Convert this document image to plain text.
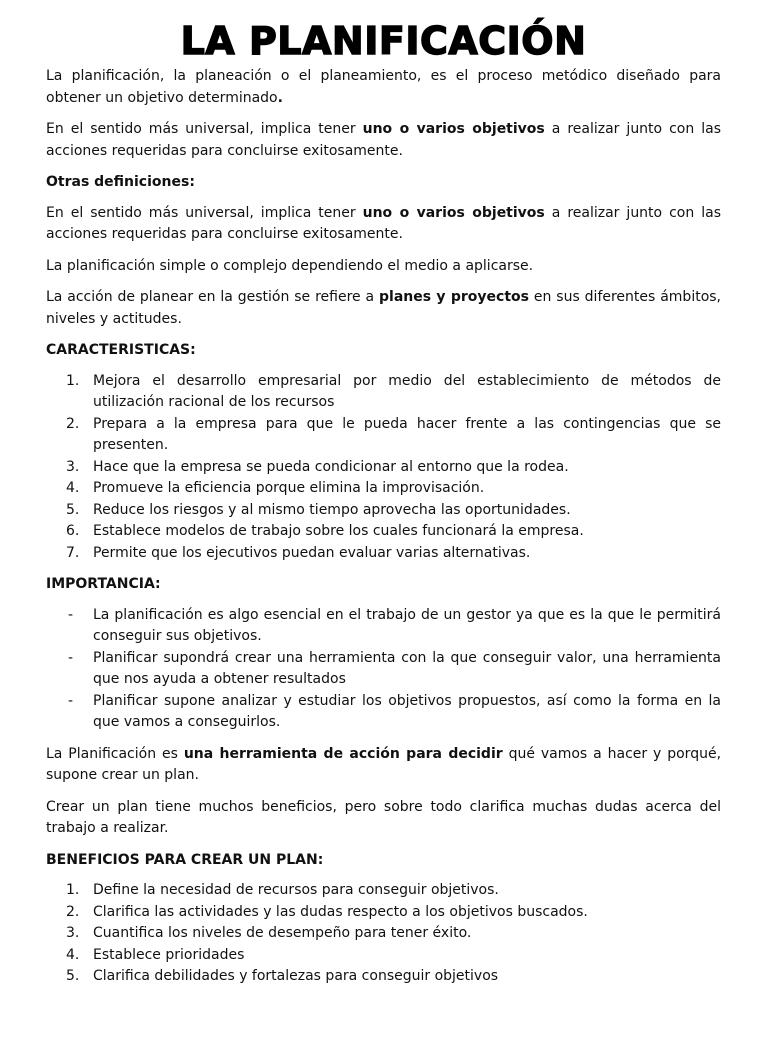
LA PLANIFICACIÓN

La planificación, la planeación o el planeamiento, es el proceso metódico diseñado para obtener un objetivo determinado.

En el sentido más universal, implica tener uno o varios objetivos a realizar junto con las acciones requeridas para concluirse exitosamente.

Otras definiciones:

En el sentido más universal, implica tener uno o varios objetivos a realizar junto con las acciones requeridas para concluirse exitosamente.

La planificación simple o complejo dependiendo el medio a aplicarse.

La acción de planear en la gestión se refiere a planes y proyectos en sus diferentes ámbitos, niveles y actitudes.

CARACTERISTICAS:

1. Mejora el desarrollo empresarial por medio del establecimiento de métodos de utilización racional de los recursos
2. Prepara a la empresa para que le pueda hacer frente a las contingencias que se presenten.
3. Hace que la empresa se pueda condicionar al entorno que la rodea.
4. Promueve la eficiencia porque elimina la improvisación.
5. Reduce los riesgos y al mismo tiempo aprovecha las oportunidades.
6. Establece modelos de trabajo sobre los cuales funcionará la empresa.
7. Permite que los ejecutivos puedan evaluar varias alternativas.

IMPORTANCIA:

- La planificación es algo esencial en el trabajo de un gestor ya que es la que le permitirá conseguir sus objetivos.
- Planificar supondrá crear una herramienta con la que conseguir valor, una herramienta que nos ayuda a obtener resultados
- Planificar supone analizar y estudiar los objetivos propuestos, así como la forma en la que vamos a conseguirlos.

La Planificación es una herramienta de acción para decidir qué vamos a hacer y porqué, supone crear un plan.

Crear un plan tiene muchos beneficios, pero sobre todo clarifica muchas dudas acerca del trabajo a realizar.

BENEFICIOS PARA CREAR UN PLAN:

1. Define la necesidad de recursos para conseguir objetivos.
2. Clarifica las actividades y las dudas respecto a los objetivos buscados.
3. Cuantifica los niveles de desempeño para tener éxito.
4. Establece prioridades
5. Clarifica debilidades y fortalezas para conseguir objetivos
